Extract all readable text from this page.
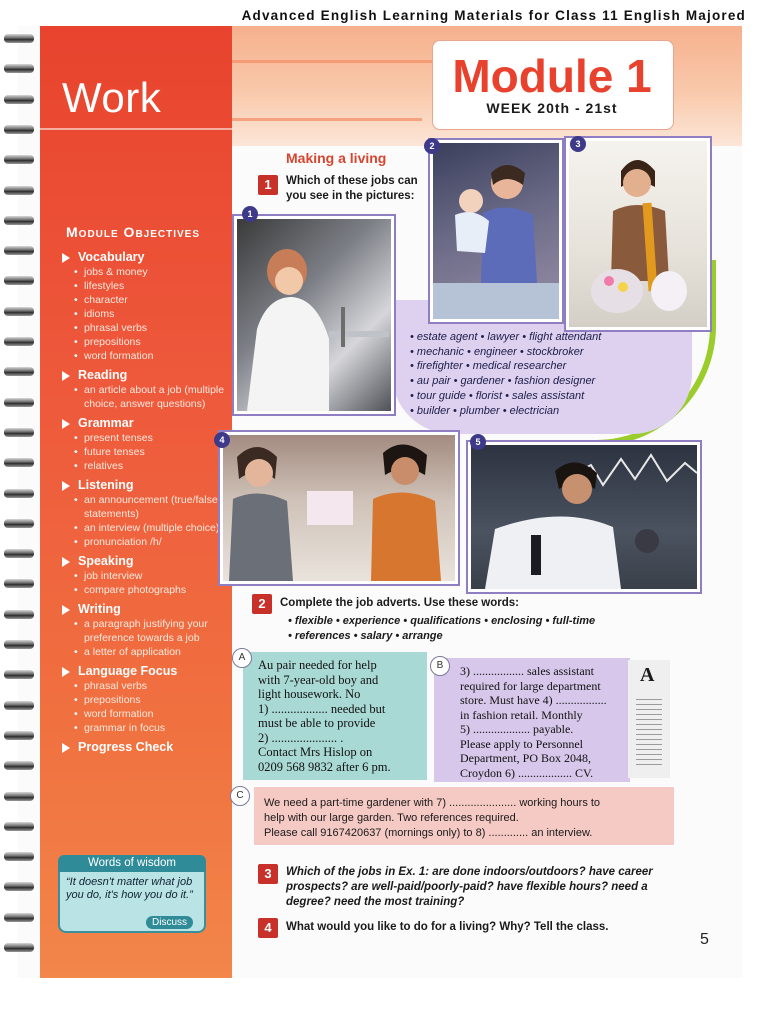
Advanced English Learning Materials for Class 11 English Majored
Work
Module Objectives
Vocabulary
• jobs & money
• lifestyles
• character
• idioms
• phrasal verbs
• prepositions
• word formation
Reading
• an article about a job (multiple choice, answer questions)
Grammar
• present tenses
• future tenses
• relatives
Listening
• an announcement (true/false statements)
• an interview (multiple choice)
• pronunciation /h/
Speaking
• job interview
• compare photographs
Writing
• a paragraph justifying your preference towards a job
• a letter of application
Language Focus
• phrasal verbs
• prepositions
• word formation
• grammar in focus
Progress Check
Words of wisdom
“It doesn't matter what job you do, it's how you do it.”
Discuss
Module 1
WEEK 20th - 21st
Making a living
1	Which of these jobs can you see in the pictures:
• estate agent • lawyer • flight attendant
• mechanic • engineer • stockbroker
• firefighter • medical researcher
• au pair • gardener • fashion designer
• tour guide • florist • sales assistant
• builder • plumber • electrician
1
2	3
4	5
2	Complete the job adverts. Use these words:
• flexible • experience • qualifications • enclosing • full-time
• references • salary • arrange
A
Au pair needed for help
with 7-year-old boy and
light housework. No
1) .................. needed but
must be able to provide
2) ..................... .
Contact Mrs Hislop on
0209 568 9832 after 6 pm.
B	3) ................. sales assistant
required for large department
store. Must have 4) .................
in fashion retail. Monthly
5) ................... payable.
Please apply to Personnel
Department, PO Box 2048,
Croydon 6) .................. CV.
A
C
We need a part-time gardener with 7) ...................... working hours to
help with our large garden. Two references required.
Please call 9167420637 (mornings only) to 8) ............. an interview.
3	Which of the jobs in Ex. 1: are done indoors/outdoors? have career prospects? are well-paid/poorly-paid? have flexible hours? need a degree? need the most training?
4	What would you like to do for a living? Why? Tell the class.
5
